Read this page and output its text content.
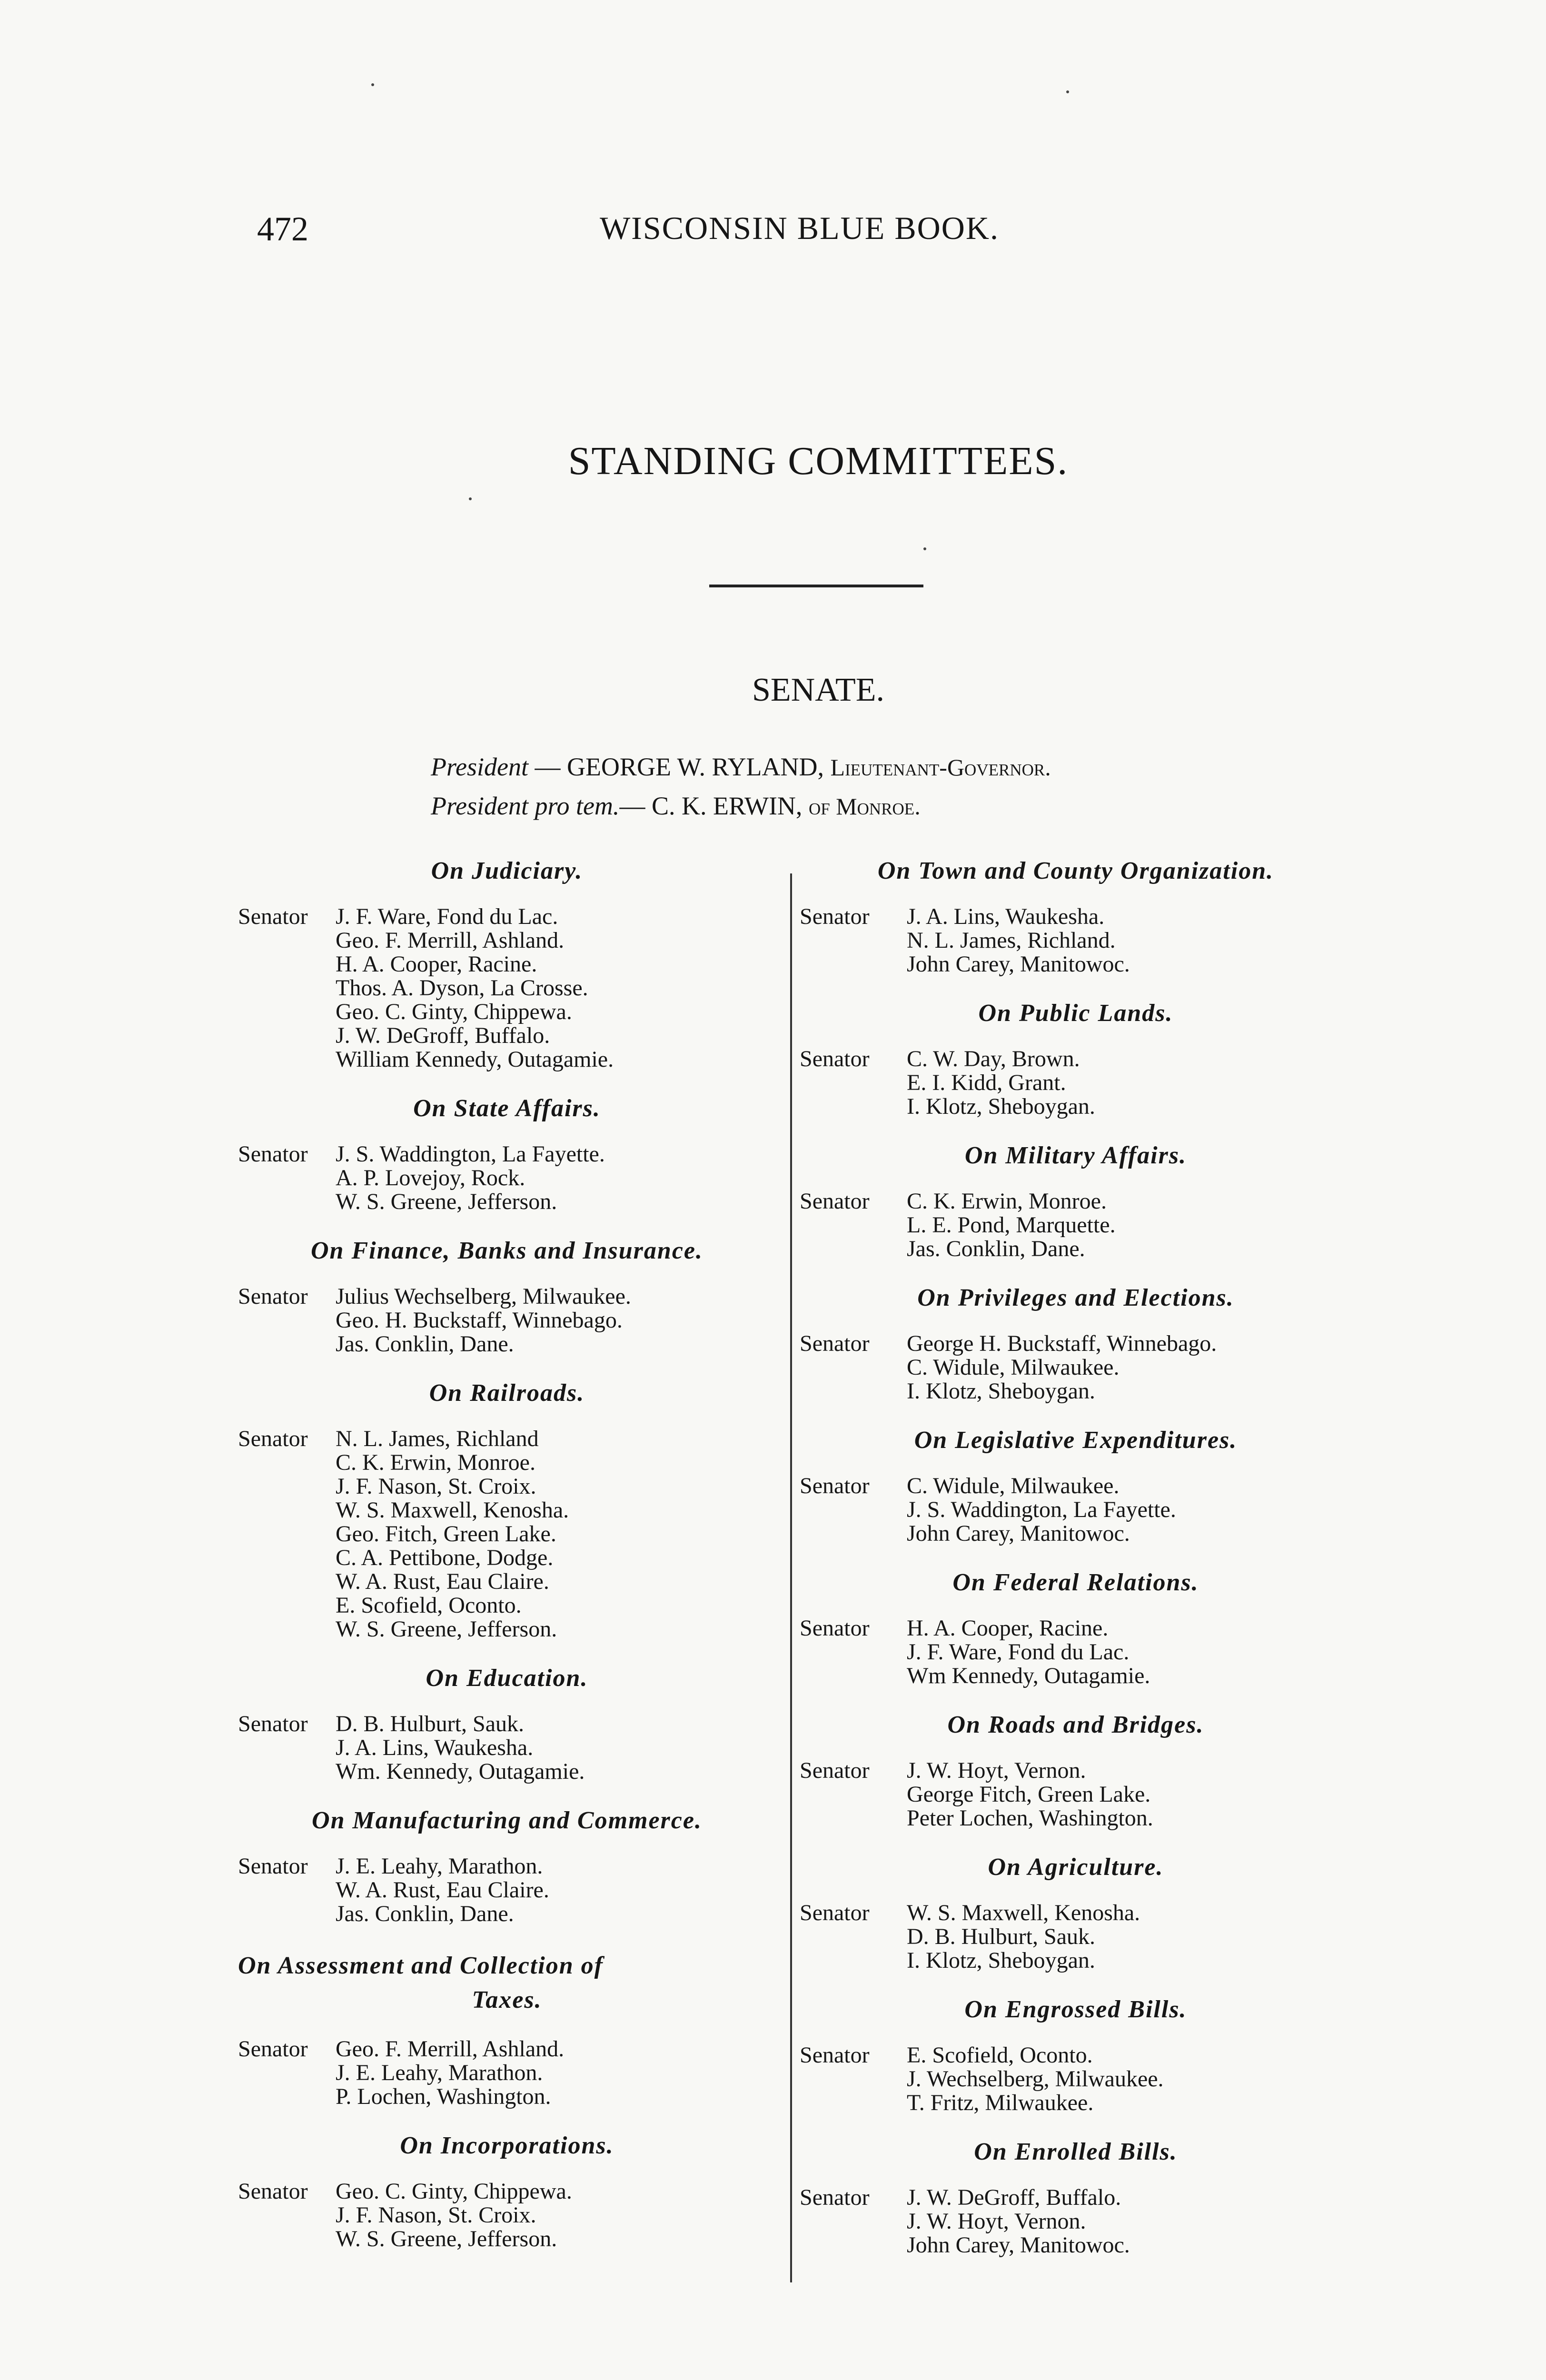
472	WISCONSIN BLUE BOOK.
STANDING COMMITTEES.
SENATE.
President — GEORGE W. RYLAND, Lieutenant-Governor.
President pro tem.— C. K. ERWIN, of Monroe.
On Judiciary.
Senator	J. F. Ware, Fond du Lac.
Geo. F. Merrill, Ashland.
H. A. Cooper, Racine.
Thos. A. Dyson, La Crosse.
Geo. C. Ginty, Chippewa.
J. W. DeGroff, Buffalo.
William Kennedy, Outagamie.
On State Affairs.
Senator	J. S. Waddington, La Fayette.
A. P. Lovejoy, Rock.
W. S. Greene, Jefferson.
On Finance, Banks and Insurance.
Senator	Julius Wechselberg, Milwaukee.
Geo. H. Buckstaff, Winnebago.
Jas. Conklin, Dane.
On Railroads.
Senator	N. L. James, Richland
C. K. Erwin, Monroe.
J. F. Nason, St. Croix.
W. S. Maxwell, Kenosha.
Geo. Fitch, Green Lake.
C. A. Pettibone, Dodge.
W. A. Rust, Eau Claire.
E. Scofield, Oconto.
W. S. Greene, Jefferson.
On Education.
Senator	D. B. Hulburt, Sauk.
J. A. Lins, Waukesha.
Wm. Kennedy, Outagamie.
On Manufacturing and Commerce.
Senator	J. E. Leahy, Marathon.
W. A. Rust, Eau Claire.
Jas. Conklin, Dane.
On Assessment and Collection of
Taxes.
Senator	Geo. F. Merrill, Ashland.
J. E. Leahy, Marathon.
P. Lochen, Washington.
On Incorporations.
Senator	Geo. C. Ginty, Chippewa.
J. F. Nason, St. Croix.
W. S. Greene, Jefferson.
On Town and County Organization.
Senator	J. A. Lins, Waukesha.
N. L. James, Richland.
John Carey, Manitowoc.
On Public Lands.
Senator	C. W. Day, Brown.
E. I. Kidd, Grant.
I. Klotz, Sheboygan.
On Military Affairs.
Senator	C. K. Erwin, Monroe.
L. E. Pond, Marquette.
Jas. Conklin, Dane.
On Privileges and Elections.
Senator	George H. Buckstaff, Winnebago.
C. Widule, Milwaukee.
I. Klotz, Sheboygan.
On Legislative Expenditures.
Senator	C. Widule, Milwaukee.
J. S. Waddington, La Fayette.
John Carey, Manitowoc.
On Federal Relations.
Senator	H. A. Cooper, Racine.
J. F. Ware, Fond du Lac.
Wm Kennedy, Outagamie.
On Roads and Bridges.
Senator	J. W. Hoyt, Vernon.
George Fitch, Green Lake.
Peter Lochen, Washington.
On Agriculture.
Senator	W. S. Maxwell, Kenosha.
D. B. Hulburt, Sauk.
I. Klotz, Sheboygan.
On Engrossed Bills.
Senator	E. Scofield, Oconto.
J. Wechselberg, Milwaukee.
T. Fritz, Milwaukee.
On Enrolled Bills.
Senator	J. W. DeGroff, Buffalo.
J. W. Hoyt, Vernon.
John Carey, Manitowoc.
